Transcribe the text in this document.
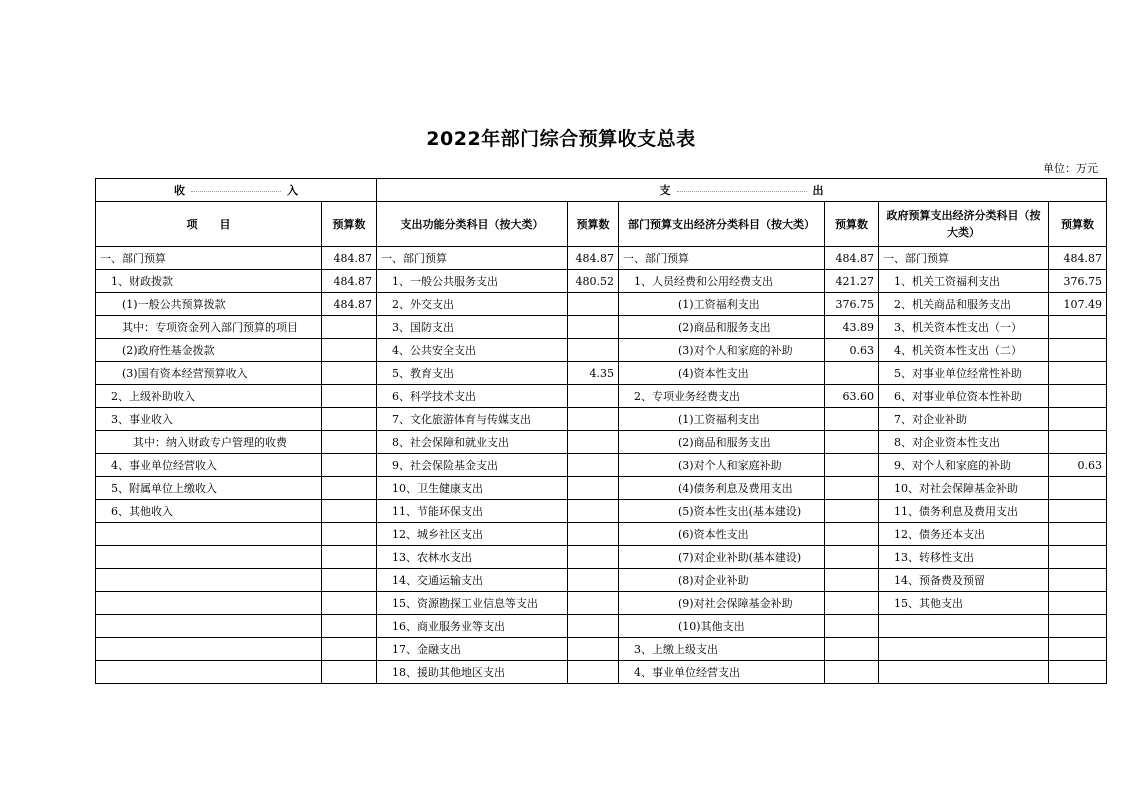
2022年部门综合预算收支总表
单位：万元
收 入		支 出					
项　　目	预算数	支出功能分类科目（按大类）	预算数	部门预算支出经济分类科目（按大类）	预算数	政府预算支出经济分类科目（按大类）	预算数
一、部门预算	484.87	一、部门预算	484.87	一、部门预算	484.87	一、部门预算	484.87
　1、财政拨款	484.87	　1、一般公共服务支出	480.52	　1、人员经费和公用经费支出	421.27	　1、机关工资福利支出	376.75
　　(1)一般公共预算拨款	484.87	　2、外交支出		　　　　　(1)工资福利支出	376.75	　2、机关商品和服务支出	107.49
　　其中：专项资金列入部门预算的项目		　3、国防支出		　　　　　(2)商品和服务支出	43.89	　3、机关资本性支出（一）	
　　(2)政府性基金拨款		　4、公共安全支出		　　　　　(3)对个人和家庭的补助	0.63	　4、机关资本性支出（二）	
　　(3)国有资本经营预算收入		　5、教育支出	4.35	　　　　　(4)资本性支出		　5、对事业单位经常性补助	
　2、上级补助收入		　6、科学技术支出		　2、专项业务经费支出	63.60	　6、对事业单位资本性补助	
　3、事业收入		　7、文化旅游体育与传媒支出		　　　　　(1)工资福利支出		　7、对企业补助	
　　　其中：纳入财政专户管理的收费		　8、社会保障和就业支出		　　　　　(2)商品和服务支出		　8、对企业资本性支出	
　4、事业单位经营收入		　9、社会保险基金支出		　　　　　(3)对个人和家庭补助		　9、对个人和家庭的补助	0.63
　5、附属单位上缴收入		　10、卫生健康支出		　　　　　(4)债务利息及费用支出		　10、对社会保障基金补助	
　6、其他收入		　11、节能环保支出		　　　　　(5)资本性支出(基本建设)		　11、债务利息及费用支出	
		　12、城乡社区支出		　　　　　(6)资本性支出		　12、债务还本支出	
		　13、农林水支出		　　　　　(7)对企业补助(基本建设)		　13、转移性支出	
		　14、交通运输支出		　　　　　(8)对企业补助		　14、预备费及预留	
		　15、资源勘探工业信息等支出		　　　　　(9)对社会保障基金补助		　15、其他支出	
		　16、商业服务业等支出		　　　　　(10)其他支出			
		　17、金融支出		　3、上缴上级支出			
		　18、援助其他地区支出		　4、事业单位经营支出			
